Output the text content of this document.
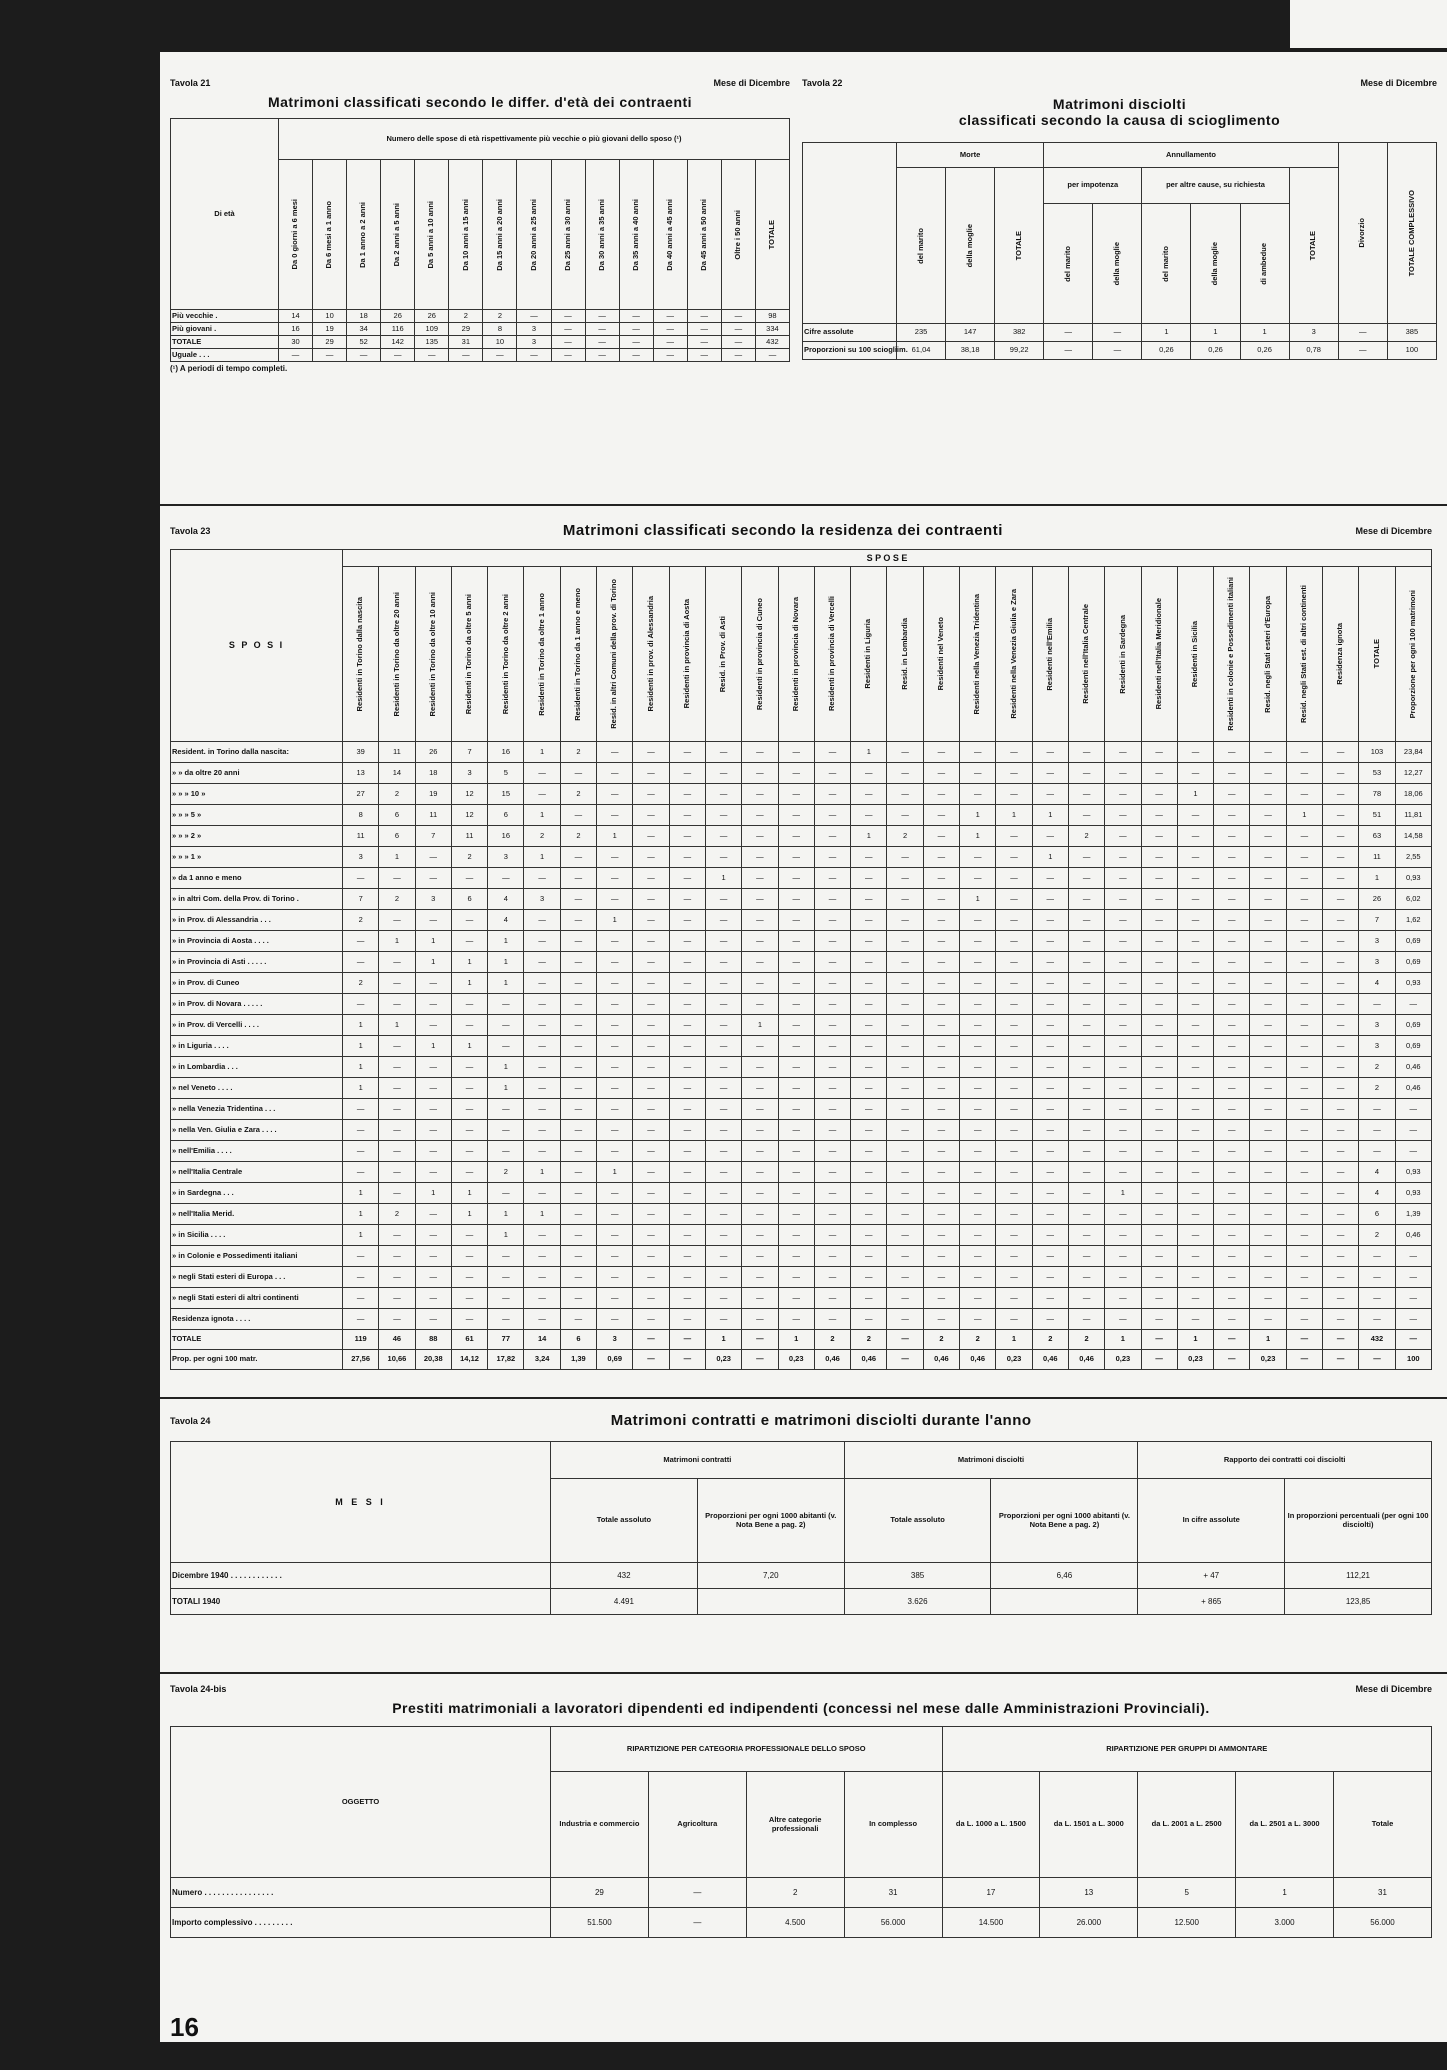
Tavola 21	Mese di Dicembre
Matrimoni classificati secondo le differ. d'età dei contraenti
Di età	Numero delle spose di età rispettivamente più vecchie o più giovani dello sposo (¹)														

	Da 0 giorni a 6 mesi	Da 6 mesi a 1 anno	Da 1 anno a 2 anni	Da 2 anni a 5 anni	Da 5 anni a 10 anni	Da 10 anni a 15 anni	Da 15 anni a 20 anni	Da 20 anni a 25 anni	Da 25 anni a 30 anni	Da 30 anni a 35 anni	Da 35 anni a 40 anni	Da 40 anni a 45 anni	Da 45 anni a 50 anni	Oltre i 50 anni	TOTALE

Più vecchie .	14	10	18	26	26	2	2	—	—	—	—	—	—	—	98
Più giovani .	16	19	34	116	109	29	8	3	—	—	—	—	—	—	334
TOTALE	30	29	52	142	135	31	10	3	—	—	—	—	—	—	432
Uguale . . .	—	—	—	—	—	—	—	—	—	—	—	—	—	—	—
(¹) A periodi di tempo completi.
Tavola 22	Mese di Dicembre
Matrimoni disciolti
classificati secondo la causa di scioglimento
	Morte			Annullamento						Divorzio	TOTALE COMPLESSIVO

	del marito	della moglie	TOTALE	per impotenza		per altre cause, su richiesta			TOTALE		

				del marito	della moglie	del marito	della moglie	di ambedue			

Cifre assolute	235	147	382	—	—	1	1	1	3	—	385
Proporzioni su 100 sciogliim.	61,04	38,18	99,22	—	—	0,26	0,26	0,26	0,78	—	100
Tavola 23	Matrimoni classificati secondo la residenza dei contraenti	Mese di Dicembre
S P O S I	S P O S E																													

	Residenti in Torino dalla nascita	Residenti in Torino da oltre 20 anni	Residenti in Torino da oltre 10 anni	Residenti in Torino da oltre 5 anni	Residenti in Torino da oltre 2 anni	Residenti in Torino da oltre 1 anno	Residenti in Torino da 1 anno e meno	Resid. in altri Comuni della prov. di Torino	Residenti in prov. di Alessandria	Residenti in provincia di Aosta	Resid. in Prov. di Asti	Residenti in provincia di Cuneo	Residenti in provincia di Novara	Residenti in provincia di Vercelli	Residenti in Liguria	Resid. in Lombardia	Residenti nel Veneto	Residenti nella Venezia Tridentina	Residenti nella Venezia Giulia e Zara	Residenti nell'Emilia	Residenti nell'Italia Centrale	Residenti in Sardegna	Residenti nell'Italia Meridionale	Residenti in Sicilia	Residenti in colonie e Possedimenti italiani	Resid. negli Stati esteri d'Europa	Resid. negli Stati est. di altri continenti	Residenza ignota	TOTALE	Proporzione per ogni 100 matrimoni

Resident. in Torino dalla nascita:	39	11	26	7	16	1	2	—	—	—	—	—	—	—	1	—	—	—	—	—	—	—	—	—	—	—	—	—	103	23,84
» » da oltre 20 anni	13	14	18	3	5	—	—	—	—	—	—	—	—	—	—	—	—	—	—	—	—	—	—	—	—	—	—	—	53	12,27
» » » 10 »	27	2	19	12	15	—	2	—	—	—	—	—	—	—	—	—	—	—	—	—	—	—	—	1	—	—	—	—	78	18,06
» » » 5 »	8	6	11	12	6	1	—	—	—	—	—	—	—	—	—	—	—	1	1	1	—	—	—	—	—	—	1	—	51	11,81
» » » 2 »	11	6	7	11	16	2	2	1	—	—	—	—	—	—	1	2	—	1	—	—	2	—	—	—	—	—	—	—	63	14,58
» » » 1 »	3	1	—	2	3	1	—	—	—	—	—	—	—	—	—	—	—	—	—	1	—	—	—	—	—	—	—	—	11	2,55
» da 1 anno e meno	—	—	—	—	—	—	—	—	—	—	1	—	—	—	—	—	—	—	—	—	—	—	—	—	—	—	—	—	1	0,93
» in altri Com. della Prov. di Torino .	7	2	3	6	4	3	—	—	—	—	—	—	—	—	—	—	—	1	—	—	—	—	—	—	—	—	—	—	26	6,02
» in Prov. di Alessandria . . .	2	—	—	—	4	—	—	1	—	—	—	—	—	—	—	—	—	—	—	—	—	—	—	—	—	—	—	—	7	1,62
» in Provincia di Aosta . . . .	—	1	1	—	1	—	—	—	—	—	—	—	—	—	—	—	—	—	—	—	—	—	—	—	—	—	—	—	3	0,69
» in Provincia di Asti . . . . .	—	—	1	1	1	—	—	—	—	—	—	—	—	—	—	—	—	—	—	—	—	—	—	—	—	—	—	—	3	0,69
» in Prov. di Cuneo	2	—	—	1	1	—	—	—	—	—	—	—	—	—	—	—	—	—	—	—	—	—	—	—	—	—	—	—	4	0,93
» in Prov. di Novara . . . . .	—	—	—	—	—	—	—	—	—	—	—	—	—	—	—	—	—	—	—	—	—	—	—	—	—	—	—	—	—	—
» in Prov. di Vercelli . . . .	1	1	—	—	—	—	—	—	—	—	—	1	—	—	—	—	—	—	—	—	—	—	—	—	—	—	—	—	3	0,69
» in Liguria . . . .	1	—	1	1	—	—	—	—	—	—	—	—	—	—	—	—	—	—	—	—	—	—	—	—	—	—	—	—	3	0,69
» in Lombardia . . .	1	—	—	—	1	—	—	—	—	—	—	—	—	—	—	—	—	—	—	—	—	—	—	—	—	—	—	—	2	0,46
» nel Veneto . . . .	1	—	—	—	1	—	—	—	—	—	—	—	—	—	—	—	—	—	—	—	—	—	—	—	—	—	—	—	2	0,46
» nella Venezia Tridentina . . .	—	—	—	—	—	—	—	—	—	—	—	—	—	—	—	—	—	—	—	—	—	—	—	—	—	—	—	—	—	—
» nella Ven. Giulia e Zara . . . .	—	—	—	—	—	—	—	—	—	—	—	—	—	—	—	—	—	—	—	—	—	—	—	—	—	—	—	—	—	—
» nell'Emilia . . . .	—	—	—	—	—	—	—	—	—	—	—	—	—	—	—	—	—	—	—	—	—	—	—	—	—	—	—	—	—	—
» nell'Italia Centrale	—	—	—	—	2	1	—	1	—	—	—	—	—	—	—	—	—	—	—	—	—	—	—	—	—	—	—	—	4	0,93
» in Sardegna . . .	1	—	1	1	—	—	—	—	—	—	—	—	—	—	—	—	—	—	—	—	—	1	—	—	—	—	—	—	4	0,93
» nell'Italia Merid.	1	2	—	1	1	1	—	—	—	—	—	—	—	—	—	—	—	—	—	—	—	—	—	—	—	—	—	—	6	1,39
» in Sicilia . . . .	1	—	—	—	1	—	—	—	—	—	—	—	—	—	—	—	—	—	—	—	—	—	—	—	—	—	—	—	2	0,46
» in Colonie e Possedimenti italiani	—	—	—	—	—	—	—	—	—	—	—	—	—	—	—	—	—	—	—	—	—	—	—	—	—	—	—	—	—	—
» negli Stati esteri di Europa . . .	—	—	—	—	—	—	—	—	—	—	—	—	—	—	—	—	—	—	—	—	—	—	—	—	—	—	—	—	—	—
» negli Stati esteri di altri continenti	—	—	—	—	—	—	—	—	—	—	—	—	—	—	—	—	—	—	—	—	—	—	—	—	—	—	—	—	—	—
Residenza ignota . . . .	—	—	—	—	—	—	—	—	—	—	—	—	—	—	—	—	—	—	—	—	—	—	—	—	—	—	—	—	—	—
TOTALE	119	46	88	61	77	14	6	3	—	—	1	—	1	2	2	—	2	2	1	2	2	1	—	1	—	1	—	—	432	—
Prop. per ogni 100 matr.	27,56	10,66	20,38	14,12	17,82	3,24	1,39	0,69	—	—	0,23	—	0,23	0,46	0,46	—	0,46	0,46	0,23	0,46	0,46	0,23	—	0,23	—	0,23	—	—	—	100
Tavola 24	Matrimoni contratti e matrimoni disciolti durante l'anno
M E S I	Matrimoni contratti		Matrimoni disciolti		Rapporto dei contratti coi disciolti	
	Totale assoluto	Proporzioni per ogni 1000 abitanti (v. Nota Bene a pag. 2)	Totale assoluto	Proporzioni per ogni 1000 abitanti (v. Nota Bene a pag. 2)	In cifre assolute	In proporzioni percentuali (per ogni 100 disciolti)
Dicembre 1940 . . . . . . . . . . . .	432	7,20	385	6,46	+ 47	112,21
TOTALI 1940	4.491		3.626		+ 865	123,85
Tavola 24-bis	Mese di Dicembre
Prestiti matrimoniali a lavoratori dipendenti ed indipendenti (concessi nel mese dalle Amministrazioni Provinciali).
OGGETTO	RIPARTIZIONE PER CATEGORIA PROFESSIONALE DELLO SPOSO				RIPARTIZIONE PER GRUPPI DI AMMONTARE				
	Industria e commercio	Agricoltura	Altre categorie professionali	In complesso	da L. 1000 a L. 1500	da L. 1501 a L. 3000	da L. 2001 a L. 2500	da L. 2501 a L. 3000	Totale
Numero . . . . . . . . . . . . . . . .	29	—	2	31	17	13	5	1	31
Importo complessivo . . . . . . . . .	51.500	—	4.500	56.000	14.500	26.000	12.500	3.000	56.000
16
